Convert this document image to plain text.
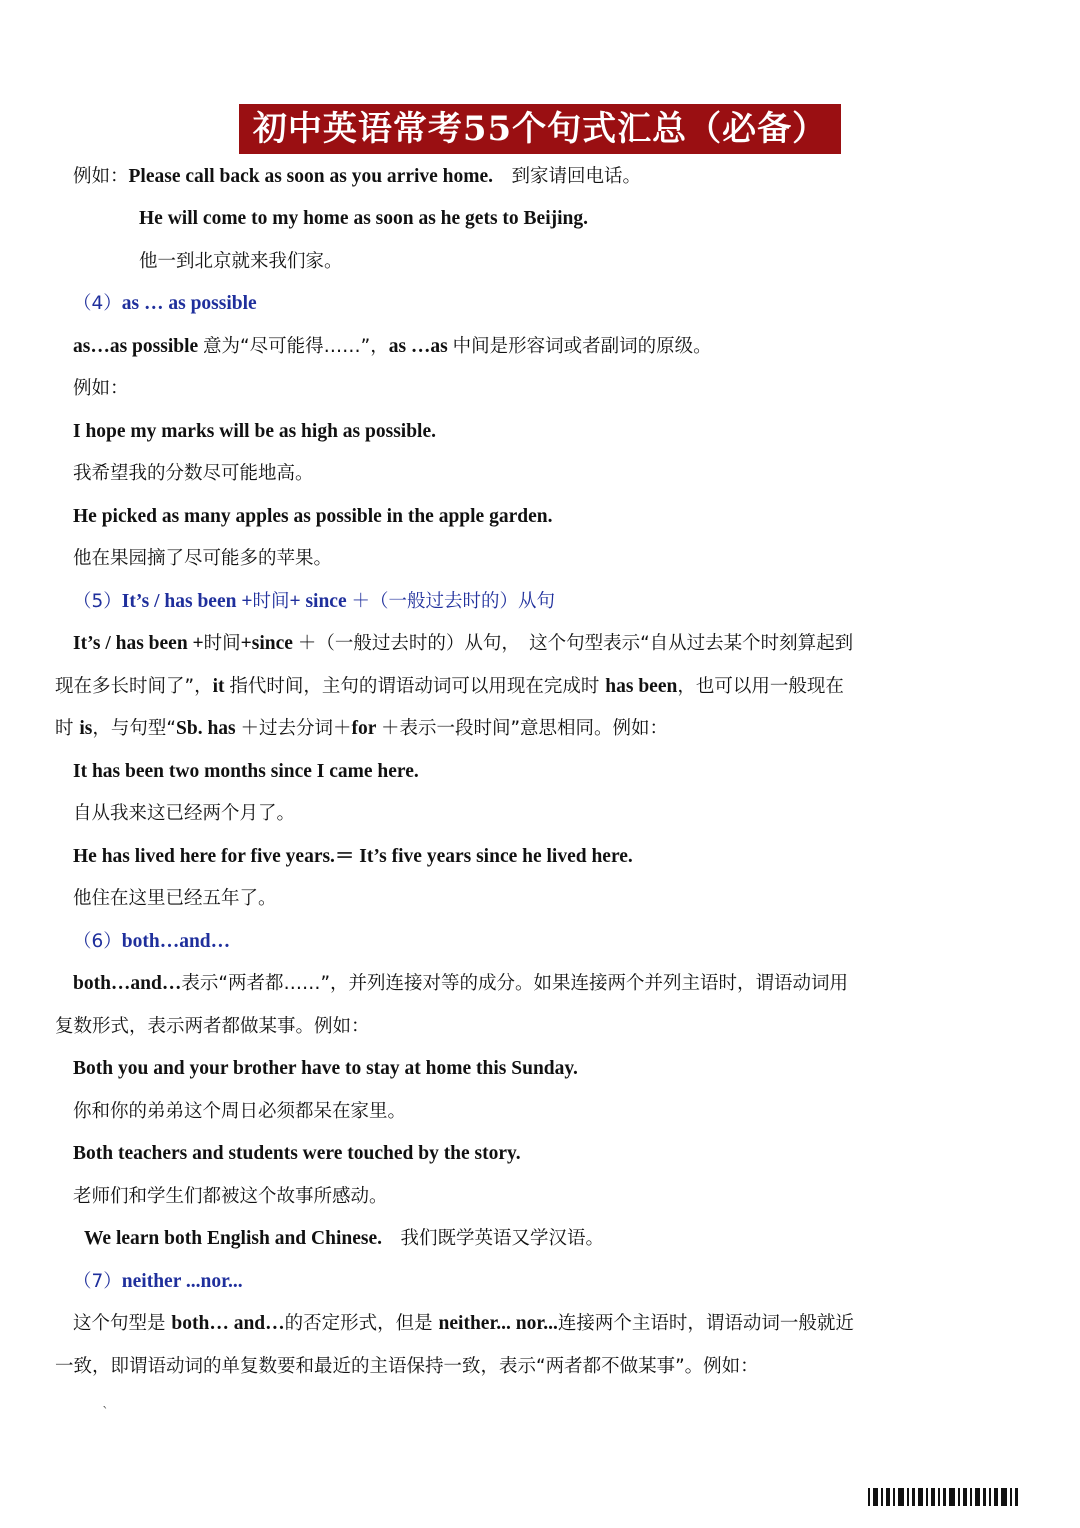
初中英语常考55个句式汇总（必备）
例如：Please call back as soon as you arrive home.　到家请回电话。
He will come to my home as soon as he gets to Beijing.
他一到北京就来我们家。
（4）as … as possible
as…as possible 意为“尽可能得……”，as …as 中间是形容词或者副词的原级。
例如：
I hope my marks will be as high as possible.
我希望我的分数尽可能地高。
He picked as many apples as possible in the apple garden.
他在果园摘了尽可能多的苹果。
（5）It’s / has been +时间+ since ＋（一般过去时的）从句
It’s / has been +时间+since ＋（一般过去时的）从句，　这个句型表示“自从过去某个时刻算起到
现在多长时间了”，it 指代时间，主句的谓语动词可以用现在完成时 has been，也可以用一般现在
时 is，与句型“Sb. has ＋过去分词＋for ＋表示一段时间”意思相同。例如：
It has been two months since I came here.
自从我来这已经两个月了。
He has lived here for five years.＝ It’s five years since he lived here.
他住在这里已经五年了。
（6）both…and…
both…and…表示“两者都……”，并列连接对等的成分。如果连接两个并列主语时，谓语动词用
复数形式，表示两者都做某事。例如：
Both you and your brother have to stay at home this Sunday.
你和你的弟弟这个周日必须都呆在家里。
Both teachers and students were touched by the story.
老师们和学生们都被这个故事所感动。
We learn both English and Chinese.　我们既学英语又学汉语。
（7）neither ...nor...
这个句型是 both… and…的否定形式，但是 neither... nor...连接两个主语时，谓语动词一般就近
一致，即谓语动词的单复数要和最近的主语保持一致，表示“两者都不做某事”。例如：
`
